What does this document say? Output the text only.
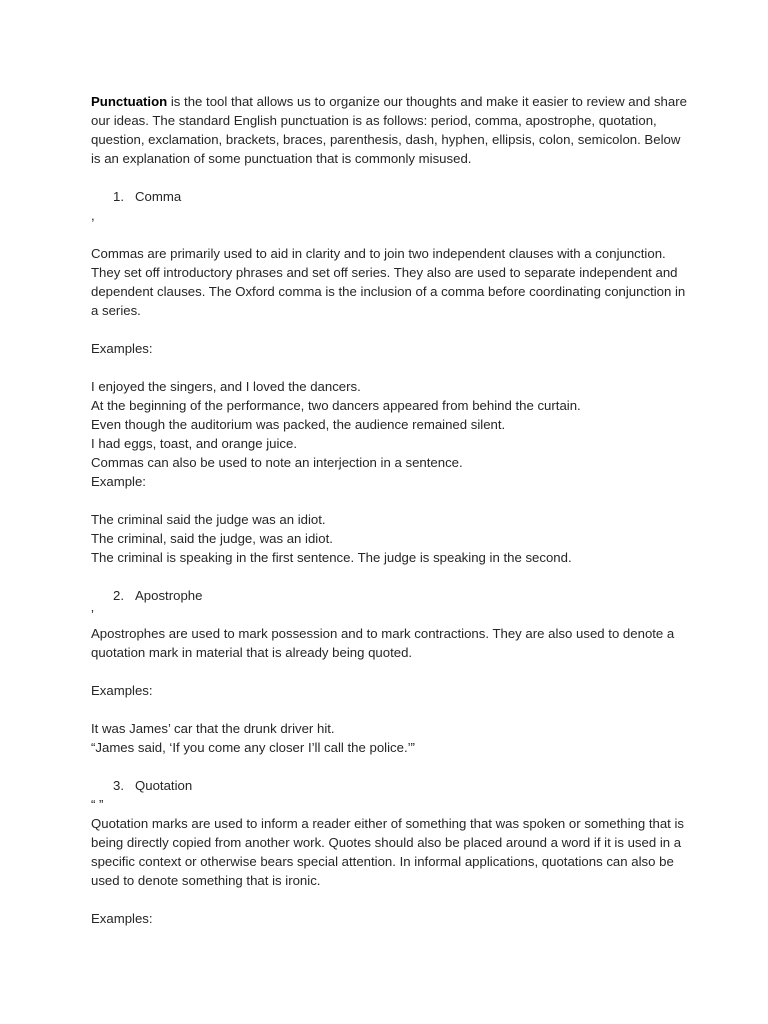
Punctuation is the tool that allows us to organize our thoughts and make it easier to review and share our ideas. The standard English punctuation is as follows: period, comma, apostrophe, quotation, question, exclamation, brackets, braces, parenthesis, dash, hyphen, ellipsis, colon, semicolon. Below is an explanation of some punctuation that is commonly misused.

1. Comma

,

Commas are primarily used to aid in clarity and to join two independent clauses with a conjunction. They set off introductory phrases and set off series. They also are used to separate independent and dependent clauses. The Oxford comma is the inclusion of a comma before coordinating conjunction in a series.

Examples:

I enjoyed the singers, and I loved the dancers.

At the beginning of the performance, two dancers appeared from behind the curtain.

Even though the auditorium was packed, the audience remained silent.

I had eggs, toast, and orange juice.

Commas can also be used to note an interjection in a sentence.

Example:

The criminal said the judge was an idiot.

The criminal, said the judge, was an idiot.

The criminal is speaking in the first sentence. The judge is speaking in the second.

2. Apostrophe

’

Apostrophes are used to mark possession and to mark contractions. They are also used to denote a quotation mark in material that is already being quoted.

Examples:

It was James’ car that the drunk driver hit.

“James said, ‘If you come any closer I’ll call the police.’”

3. Quotation

“ ”

Quotation marks are used to inform a reader either of something that was spoken or something that is being directly copied from another work. Quotes should also be placed around a word if it is used in a specific context or otherwise bears special attention. In informal applications, quotations can also be used to denote something that is ironic.

Examples:
